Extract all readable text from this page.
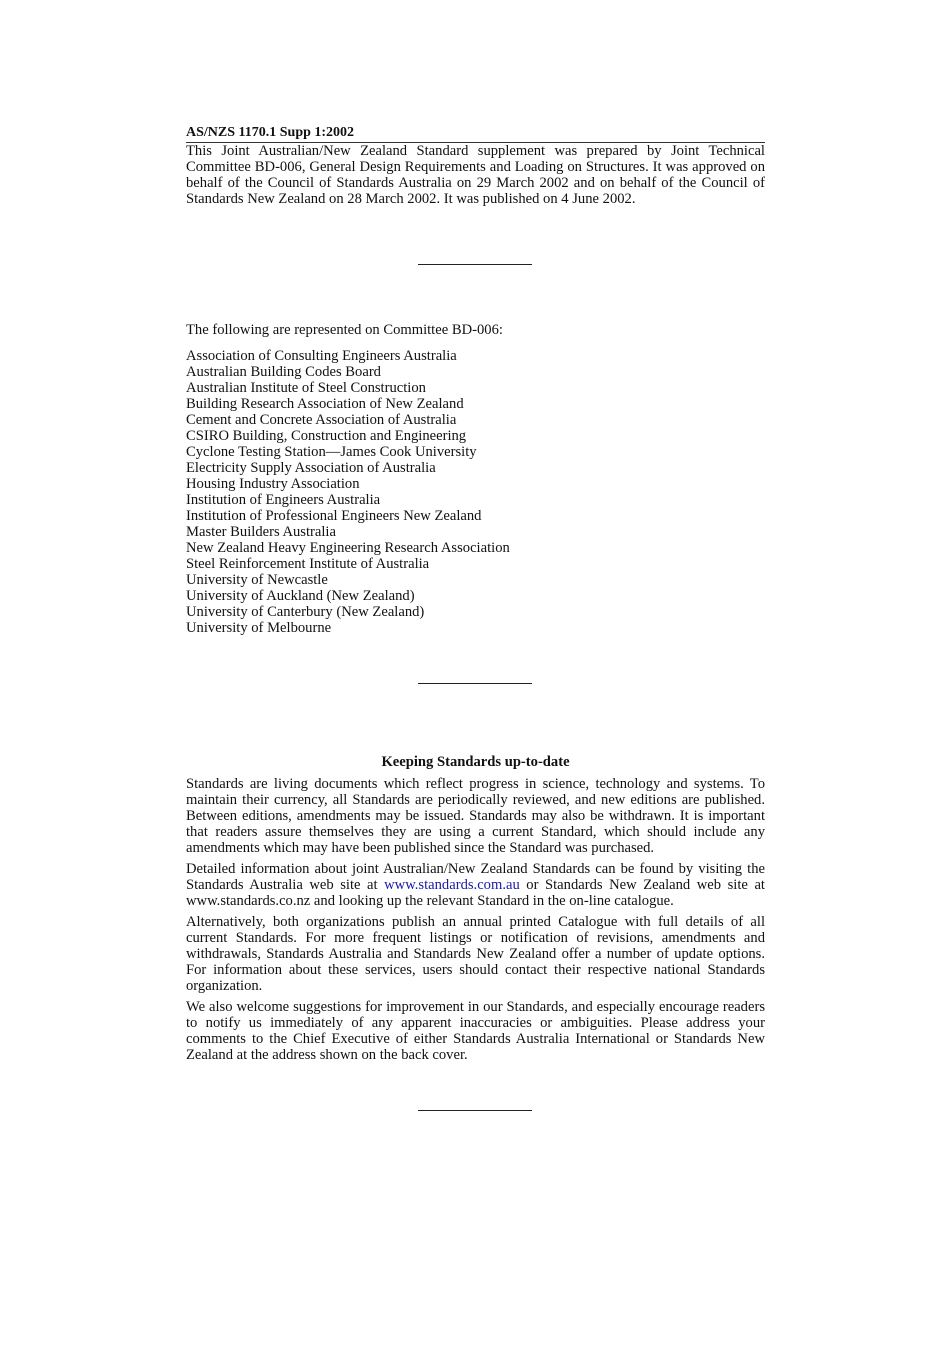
AS/NZS 1170.1 Supp 1:2002

This Joint Australian/New Zealand Standard supplement was prepared by Joint Technical Committee BD-006, General Design Requirements and Loading on Structures. It was approved on behalf of the Council of Standards Australia on 29 March 2002 and on behalf of the Council of Standards New Zealand on 28 March 2002. It was published on 4 June 2002.

The following are represented on Committee BD-006:
Association of Consulting Engineers Australia
Australian Building Codes Board
Australian Institute of Steel Construction
Building Research Association of New Zealand
Cement and Concrete Association of Australia
CSIRO Building, Construction and Engineering
Cyclone Testing Station—James Cook University
Electricity Supply Association of Australia
Housing Industry Association
Institution of Engineers Australia
Institution of Professional Engineers New Zealand
Master Builders Australia
New Zealand Heavy Engineering Research Association
Steel Reinforcement Institute of Australia
University of Newcastle
University of Auckland (New Zealand)
University of Canterbury (New Zealand)
University of Melbourne
Keeping Standards up-to-date

Standards are living documents which reflect progress in science, technology and systems. To maintain their currency, all Standards are periodically reviewed, and new editions are published. Between editions, amendments may be issued. Standards may also be withdrawn. It is important that readers assure themselves they are using a current Standard, which should include any amendments which may have been published since the Standard was purchased.

Detailed information about joint Australian/New Zealand Standards can be found by visiting the Standards Australia web site at www.standards.com.au or Standards New Zealand web site at www.standards.co.nz and looking up the relevant Standard in the on-line catalogue.

Alternatively, both organizations publish an annual printed Catalogue with full details of all current Standards. For more frequent listings or notification of revisions, amendments and withdrawals, Standards Australia and Standards New Zealand offer a number of update options. For information about these services, users should contact their respective national Standards organization.

We also welcome suggestions for improvement in our Standards, and especially encourage readers to notify us immediately of any apparent inaccuracies or ambiguities. Please address your comments to the Chief Executive of either Standards Australia International or Standards New Zealand at the address shown on the back cover.
